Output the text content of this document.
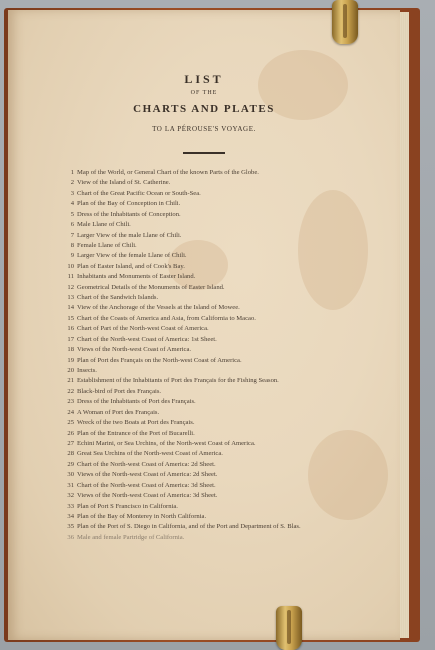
LIST
OF THE
CHARTS AND PLATES
TO LA PÉROUSE'S VOYAGE.
1 Map of the World, or General Chart of the known Parts of the Globe.
2 View of the Island of St. Catherine.
3 Chart of the Great Pacific Ocean or South-Sea.
4 Plan of the Bay of Conception in Chili.
5 Dress of the Inhabitants of Conception.
6 Male Llane of Chili.
7 Larger View of the male Llane of Chili.
8 Female Llane of Chili.
9 Larger View of the female Llane of Chili.
10 Plan of Easter Island, and of Cook's Bay.
11 Inhabitants and Monuments of Easter Island.
12 Geometrical Details of the Monuments of Easter Island.
13 Chart of the Sandwich Islands.
14 View of the Anchorage of the Vessels at the Island of Mowee.
15 Chart of the Coasts of America and Asia, from California to Macao.
16 Chart of Part of the North-west Coast of America.
17 Chart of the North-west Coast of America: 1st Sheet.
18 Views of the North-west Coast of America.
19 Plan of Port des Français on the North-west Coast of America.
20 Insects.
21 Establishment of the Inhabitants of Port des Français for the Fishing Season.
22 Black-bird of Port des Français.
23 Dress of the Inhabitants of Port des Français.
24 A Woman of Port des Français.
25 Wreck of the two Boats at Port des Français.
26 Plan of the Entrance of the Port of Bucarelli.
27 Echini Marini, or Sea Urchins, of the North-west Coast of America.
28 Great Sea Urchins of the North-west Coast of America.
29 Chart of the North-west Coast of America: 2d Sheet.
30 Views of the North-west Coast of America: 2d Sheet.
31 Chart of the North-west Coast of America: 3d Sheet.
32 Views of the North-west Coast of America: 3d Sheet.
33 Plan of Port S Francisco in California.
34 Plan of the Bay of Monterey in North California.
35 Plan of the Port of S. Diego in California, and of the Port and Department of S. Blas.
36 Male and female Partridge of California.
